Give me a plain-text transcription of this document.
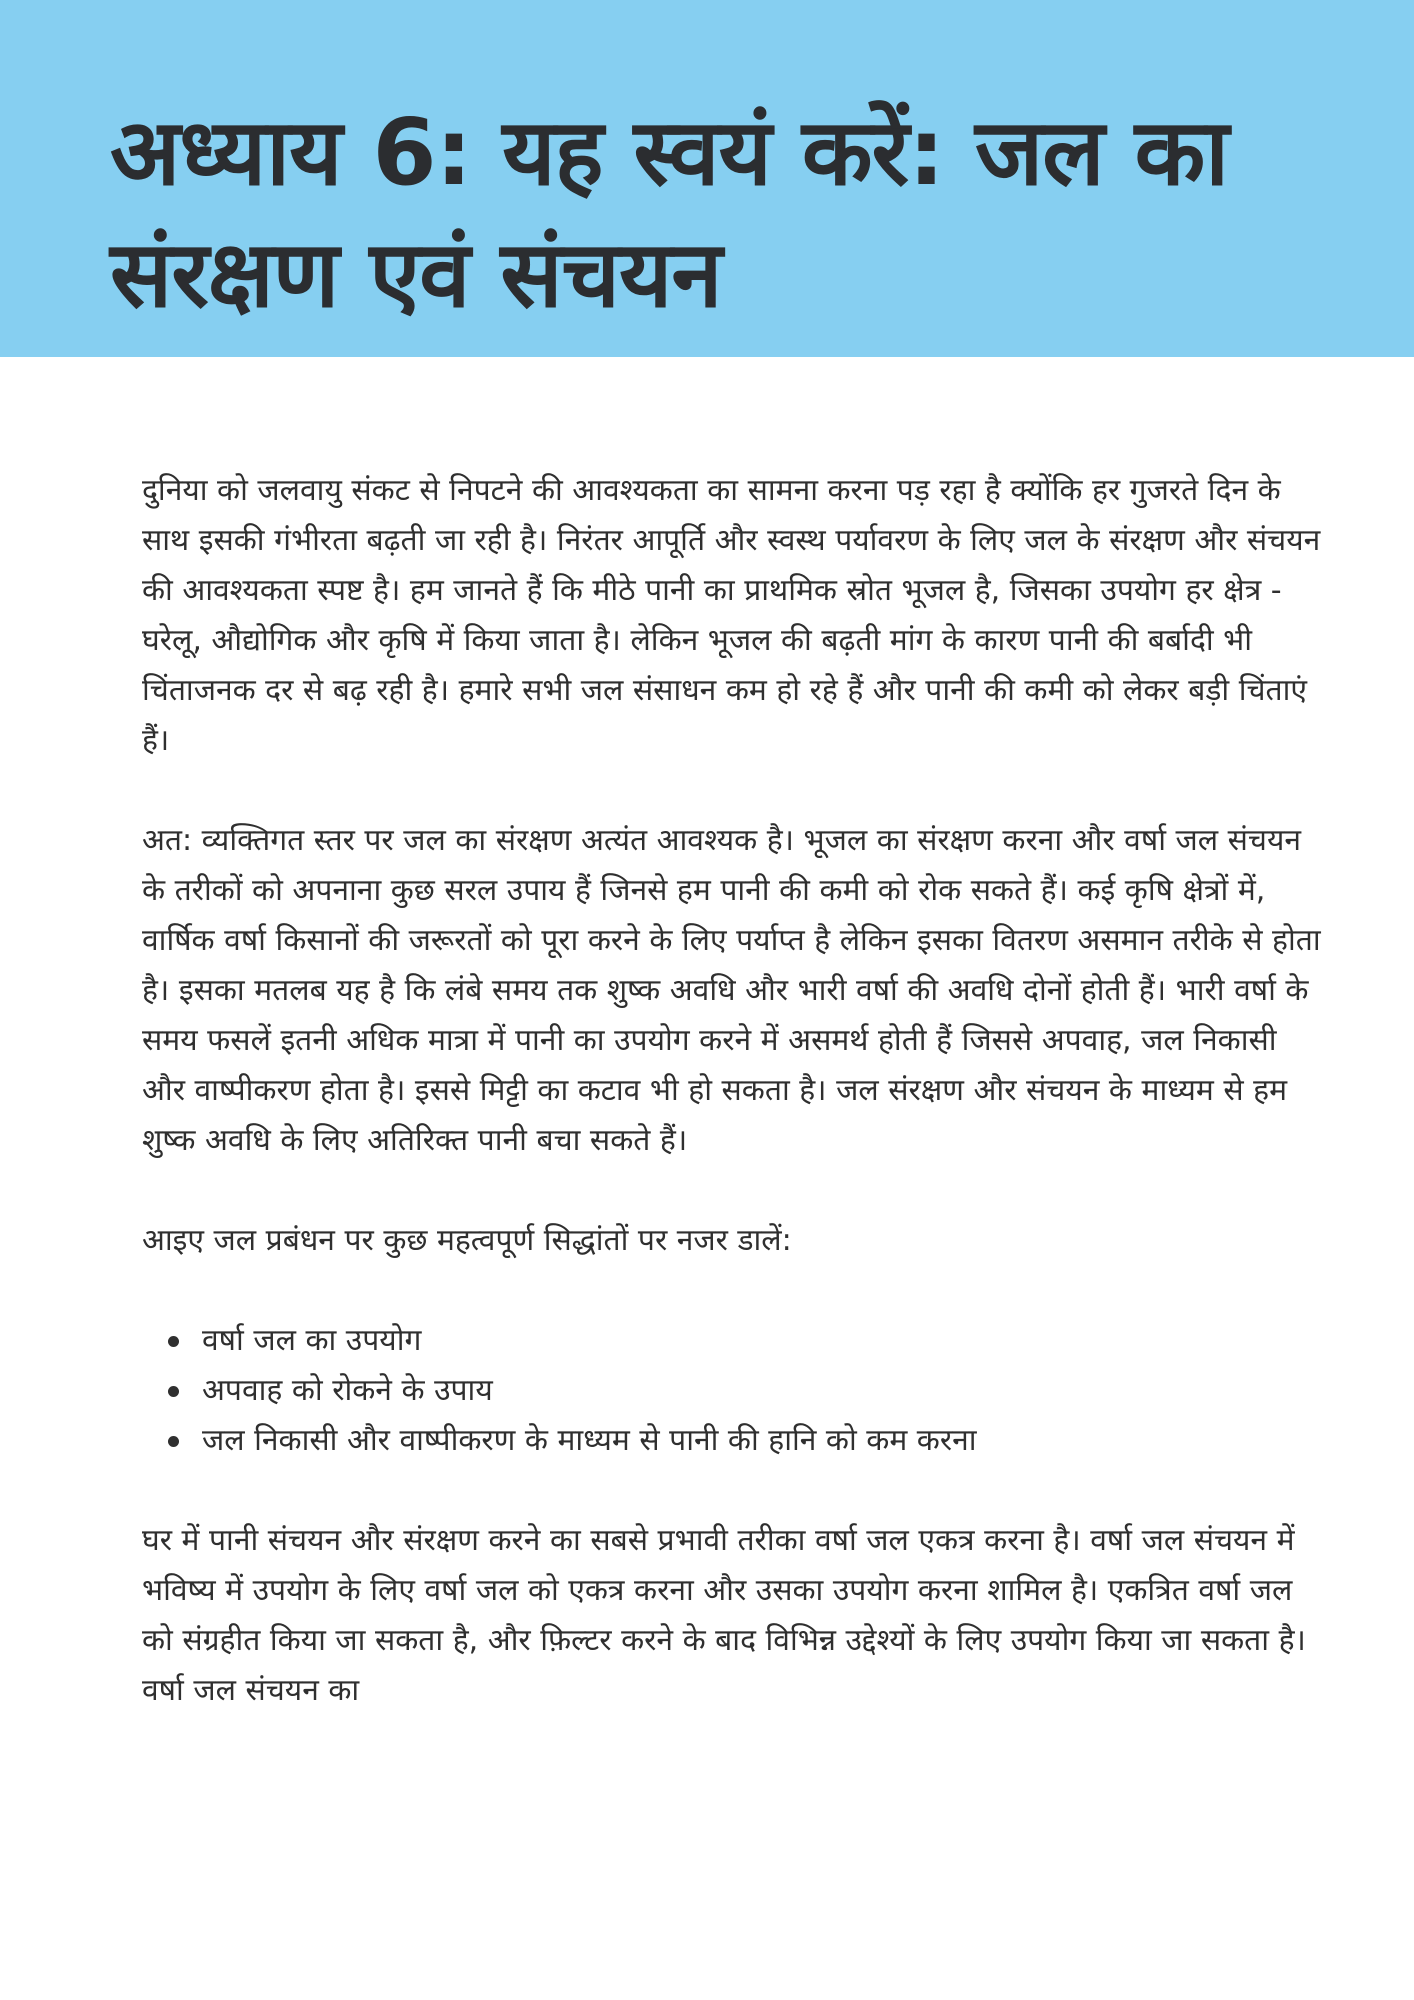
अध्याय 6: यह स्वयं करें: जल का संरक्षण एवं संचयन

दुनिया को जलवायु संकट से निपटने की आवश्यकता का सामना करना पड़ रहा है क्योंकि हर गुजरते दिन के साथ इसकी गंभीरता बढ़ती जा रही है। निरंतर आपूर्ति और स्वस्थ पर्यावरण के लिए जल के संरक्षण और संचयन की आवश्यकता स्पष्ट है। हम जानते हैं कि मीठे पानी का प्राथमिक स्रोत भूजल है, जिसका उपयोग हर क्षेत्र - घरेलू, औद्योगिक और कृषि में किया जाता है। लेकिन भूजल की बढ़ती मांग के कारण पानी की बर्बादी भी चिंताजनक दर से बढ़ रही है। हमारे सभी जल संसाधन कम हो रहे हैं और पानी की कमी को लेकर बड़ी चिंताएं हैं।

अत: व्यक्तिगत स्तर पर जल का संरक्षण अत्यंत आवश्यक है। भूजल का संरक्षण करना और वर्षा जल संचयन के तरीकों को अपनाना कुछ सरल उपाय हैं जिनसे हम पानी की कमी को रोक सकते हैं। कई कृषि क्षेत्रों में, वार्षिक वर्षा किसानों की जरूरतों को पूरा करने के लिए पर्याप्त है लेकिन इसका वितरण असमान तरीके से होता है। इसका मतलब यह है कि लंबे समय तक शुष्क अवधि और भारी वर्षा की अवधि दोनों होती हैं। भारी वर्षा के समय फसलें इतनी अधिक मात्रा में पानी का उपयोग करने में असमर्थ होती हैं जिससे अपवाह, जल निकासी और वाष्पीकरण होता है। इससे मिट्टी का कटाव भी हो सकता है। जल संरक्षण और संचयन के माध्यम से हम शुष्क अवधि के लिए अतिरिक्त पानी बचा सकते हैं।

आइए जल प्रबंधन पर कुछ महत्वपूर्ण सिद्धांतों पर नजर डालें:

वर्षा जल का उपयोग
अपवाह को रोकने के उपाय
जल निकासी और वाष्पीकरण के माध्यम से पानी की हानि को कम करना

घर में पानी संचयन और संरक्षण करने का सबसे प्रभावी तरीका वर्षा जल एकत्र करना है। वर्षा जल संचयन में भविष्य में उपयोग के लिए वर्षा जल को एकत्र करना और उसका उपयोग करना शामिल है। एकत्रित वर्षा जल को संग्रहीत किया जा सकता है, और फ़िल्टर करने के बाद विभिन्न उद्देश्यों के लिए उपयोग किया जा सकता है। वर्षा जल संचयन का
